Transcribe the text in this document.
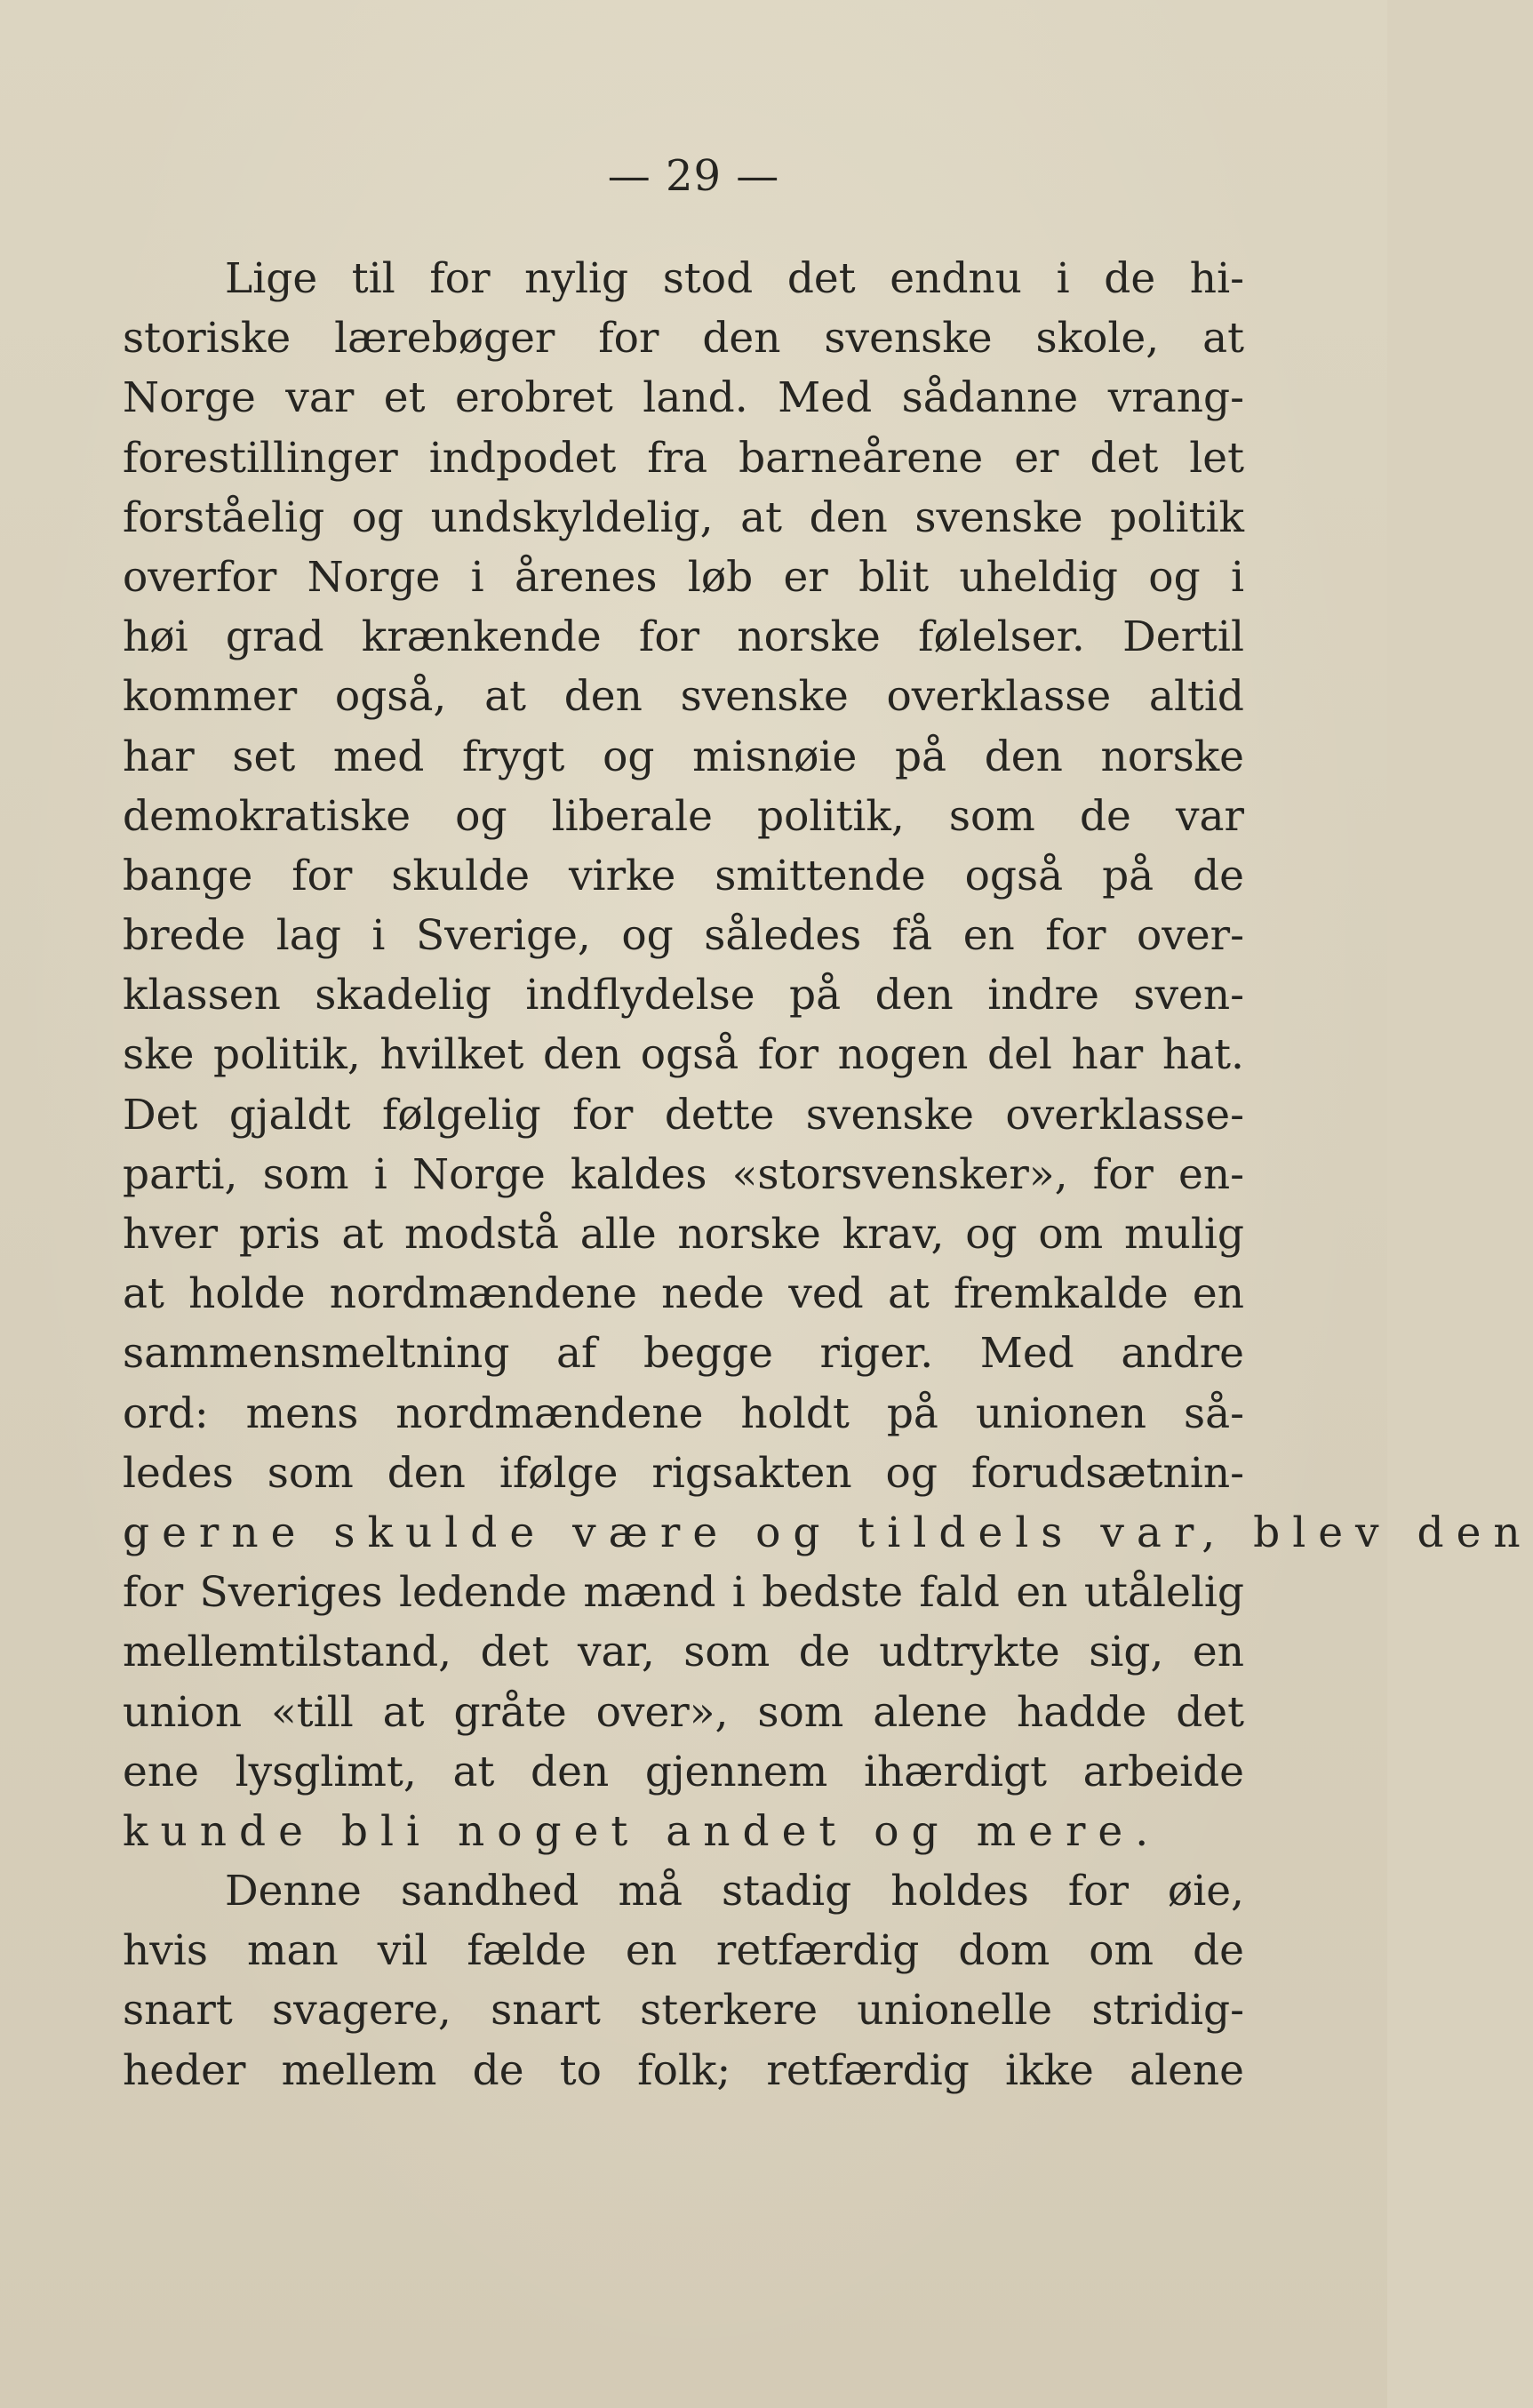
— 29 —
Lige til for nylig stod det endnu i de hi-
storiske lærebøger for den svenske skole, at
Norge var et erobret land. Med sådanne vrang-
forestillinger indpodet fra barneårene er det let
forståelig og undskyldelig, at den svenske politik
overfor Norge i årenes løb er blit uheldig og i
høi grad krænkende for norske følelser. Dertil
kommer også, at den svenske overklasse altid
har set med frygt og misnøie på den norske
demokratiske og liberale politik, som de var
bange for skulde virke smittende også på de
brede lag i Sverige, og således få en for over-
klassen skadelig indflydelse på den indre sven-
ske politik, hvilket den også for nogen del har hat.
Det gjaldt følgelig for dette svenske overklasse-
parti, som i Norge kaldes «storsvensker», for en-
hver pris at modstå alle norske krav, og om mulig
at holde nordmændene nede ved at fremkalde en
sammensmeltning af begge riger. Med andre
ord: mens nordmændene holdt på unionen så-
ledes som den ifølge rigsakten og forudsætnin-
gerne skulde være og tildels var, blev den
for Sveriges ledende mænd i bedste fald en utålelig
mellemtilstand, det var, som de udtrykte sig, en
union «till at gråte over», som alene hadde det
ene lysglimt, at den gjennem ihærdigt arbeide
kunde bli noget andet og mere.
Denne sandhed må stadig holdes for øie,
hvis man vil fælde en retfærdig dom om de
snart svagere, snart sterkere unionelle stridig-
heder mellem de to folk; retfærdig ikke alene
